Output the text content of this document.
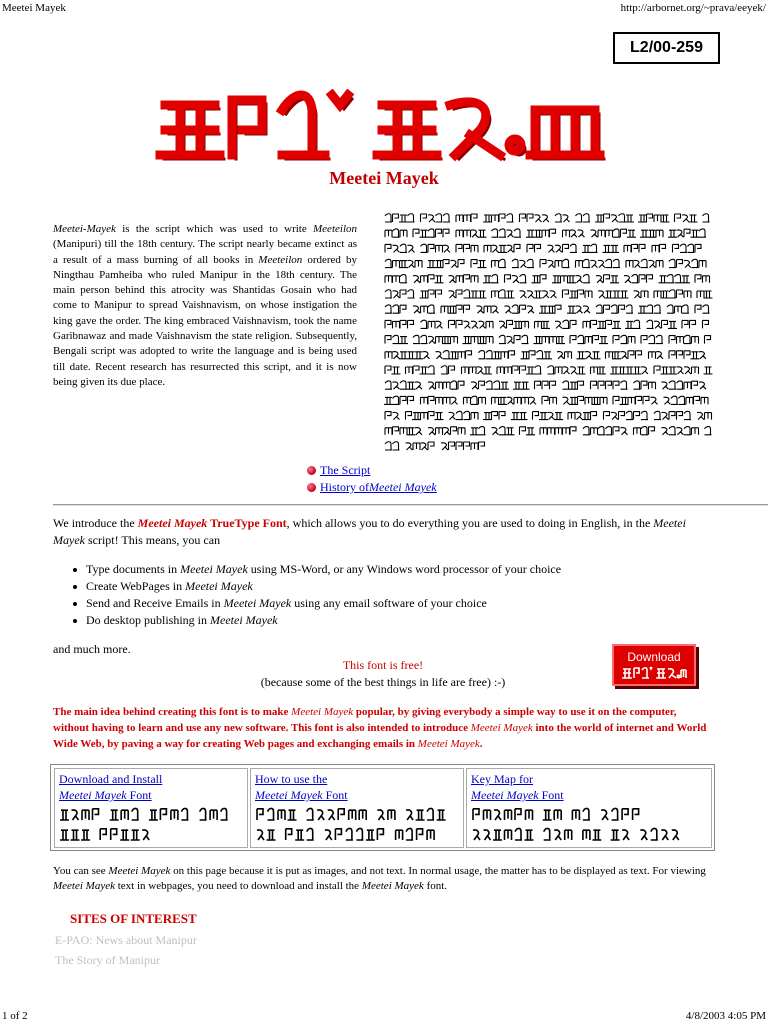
Meetei Mayek	http://arbornet.org/~prava/eeyek/
L2/00-259
Meetei Mayek
Meetei-Mayek is the script which was used to write Meeteilon (Manipuri) till the 18th century. The script nearly became extinct as a result of a mass burning of all books in Meeteilon ordered by Ningthau Pamheiba who ruled Manipur in the 18th century. The main person behind this atrocity was Shantidas Gosain who had come to Manipur to spread Vaishnavism, on whose instigation the king gave the order. The king embraced Vaishnavism, took the name Garibnawaz and made Vaishnavism the state religion. Subsequently, Bengali script was adopted to write the language and is being used till date. Recent research has resurrected this script, and it is now being given its due place.
The Script
History of Meetei Mayek
We introduce the Meetei Mayek TrueType Font, which allows you to do everything you are used to doing in English, in the Meetei Mayek script! This means, you can
Type documents in Meetei Mayek using MS-Word, or any Windows word processor of your choice
Create WebPages in Meetei Mayek
Send and Receive Emails in Meetei Mayek using any email software of your choice
Do desktop publishing in Meetei Mayek
and much more.
This font is free!
(because some of the best things in life are free) :-)
Download
The main idea behind creating this font is to make Meetei Mayek popular, by giving everybody a simple way to use it on the computer, without having to learn and use any new software. This font is also intended to introduce Meetei Mayek into the world of internet and World Wide Web, by paving a way for creating Web pages and exchanging emails in Meetei Mayek.
Download and Install
Meetei Mayek Font
How to use the
Meetei Mayek Font
Key Map for
Meetei Mayek Font
You can see Meetei Mayek on this page because it is put as images, and not text. In normal usage, the matter has to be displayed as text. For viewing Meetei Mayek text in webpages, you need to download and install the Meetei Mayek font.
SITES OF INTEREST
E-PAO: News about Manipur
The Story of Manipur
1 of 2	4/8/2003 4:05 PM
